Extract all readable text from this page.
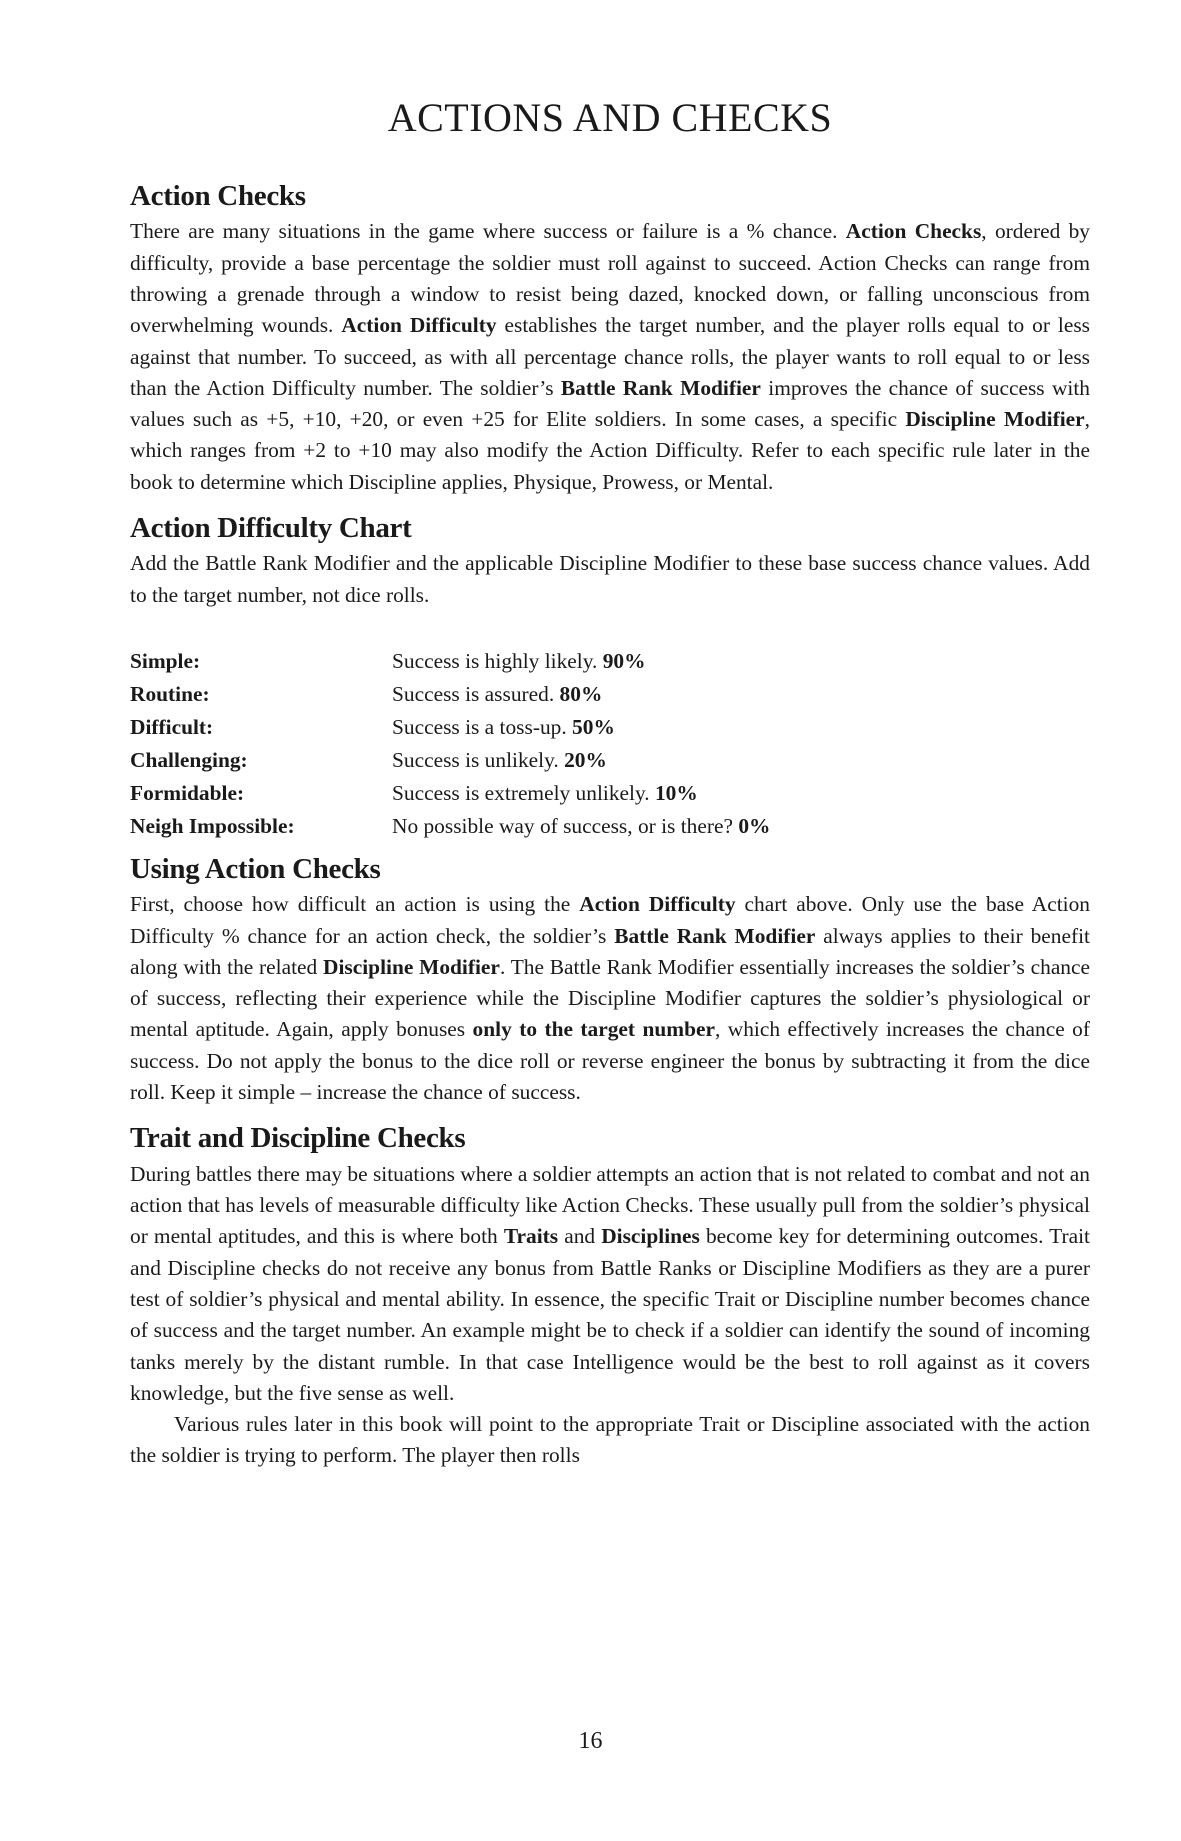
ACTIONS AND CHECKS
Action Checks

There are many situations in the game where success or failure is a % chance. Action Checks, ordered by difficulty, provide a base percentage the soldier must roll against to succeed. Action Checks can range from throwing a grenade through a window to resist being dazed, knocked down, or falling unconscious from overwhelming wounds. Action Difficulty establishes the target number, and the player rolls equal to or less against that number. To succeed, as with all percentage chance rolls, the player wants to roll equal to or less than the Action Difficulty number. The soldier’s Battle Rank Modifier improves the chance of success with values such as +5, +10, +20, or even +25 for Elite soldiers. In some cases, a specific Discipline Modifier, which ranges from +2 to +10 may also modify the Action Difficulty. Refer to each specific rule later in the book to determine which Discipline applies, Physique, Prowess, or Mental.

Action Difficulty Chart

Add the Battle Rank Modifier and the applicable Discipline Modifier to these base success chance values. Add to the target number, not dice rolls.

Simple:	Success is highly likely. 90%
Routine:	Success is assured. 80%
Difficult:	Success is a toss-up. 50%
Challenging:	Success is unlikely. 20%
Formidable:	Success is extremely unlikely. 10%
Neigh Impossible:	No possible way of success, or is there? 0%
Using Action Checks

First, choose how difficult an action is using the Action Difficulty chart above. Only use the base Action Difficulty % chance for an action check, the soldier’s Battle Rank Modifier always applies to their benefit along with the related Discipline Modifier. The Battle Rank Modifier essentially increases the soldier’s chance of success, reflecting their experience while the Discipline Modifier captures the soldier’s physiological or mental aptitude. Again, apply bonuses only to the target number, which effectively increases the chance of success. Do not apply the bonus to the dice roll or reverse engineer the bonus by subtracting it from the dice roll. Keep it simple – increase the chance of success.

Trait and Discipline Checks

During battles there may be situations where a soldier attempts an action that is not related to combat and not an action that has levels of measurable difficulty like Action Checks. These usually pull from the soldier’s physical or mental aptitudes, and this is where both Traits and Disciplines become key for determining outcomes. Trait and Discipline checks do not receive any bonus from Battle Ranks or Discipline Modifiers as they are a purer test of soldier’s physical and mental ability. In essence, the specific Trait or Discipline number becomes chance of success and the target number. An example might be to check if a soldier can identify the sound of incoming tanks merely by the distant rumble. In that case Intelligence would be the best to roll against as it covers knowledge, but the five sense as well.

Various rules later in this book will point to the appropriate Trait or Discipline associated with the action the soldier is trying to perform. The player then rolls

16
